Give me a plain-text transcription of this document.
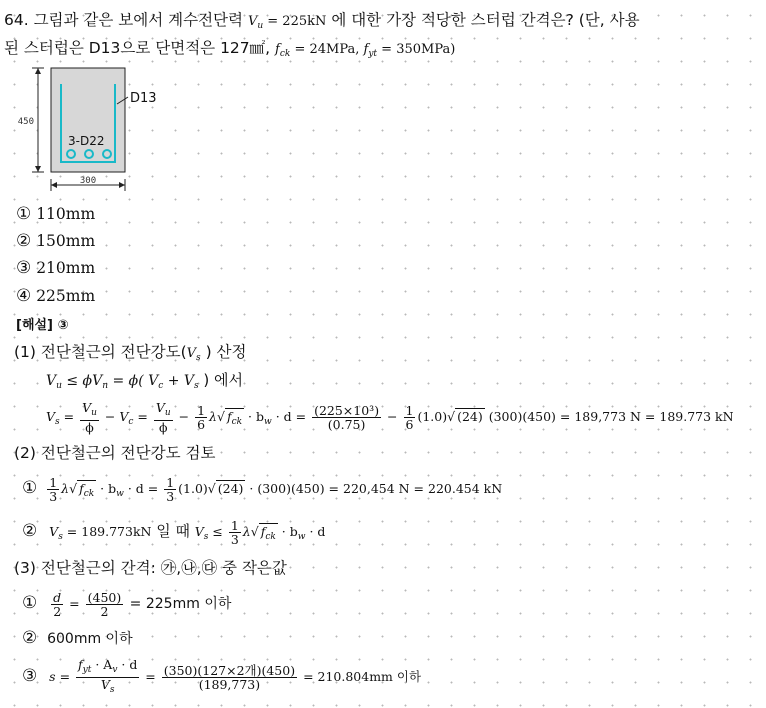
64. 그림과 같은 보에서 계수전단력 $V_u = 225kN$ 에 대한 가장 적당한 스터럽 간격은? (단, 사용
된 스터럽은 D13으로 단면적은 127㎟, $f_{ck} = 24MPa$, $f_{yt} = 350MPa$)
450
D13
3-D22
300
① 110mm
② 150mm
③ 210mm
④ 225mm
[해설] ③
(1) 전단철근의 전단강도($V_s$ ) 산정
$V_u \le \phi V_n = \phi$( $V_c + V_s$ ) 에서
$V_s = \frac{V_u}{\phi} - V_c = \frac{V_u}{\phi} - \frac{1}{6} \lambda√$ $f_{ck} \cdot b_w \cdot d = \frac{\text{(225×10³)}}{(0.75)} - \frac{1}{6} (1.0)√$ (24) (300)(450) = 189,773 N = 189.773 kN
(2) 전단철근의 전단강도 검토
① $\frac{1}{3} \lambda√$ $f_{ck} \cdot b_w \cdot d = \frac{1}{3} (1.0)√$ (24) · (300)(450) = 220,454 N = 220.454 kN
② $V_s = 189.773kN$ 일 때 $V_s \le \frac{1}{3} \lambda√$ $f_{ck} \cdot b_w \cdot d$
(3) 전단철근의 간격: ㉮,㉯,㉰ 중 작은값
① $\frac{d}{2} = \frac{(450)}{2} = 225mm$ 이하
② 600mm 이하
③ $s = \frac{f_{yt} \cdot A_v \cdot d}{V_s} = \frac{\text{(350)(127×2개)(450)}}{(189,773)} = 210.804mm$ 이하
